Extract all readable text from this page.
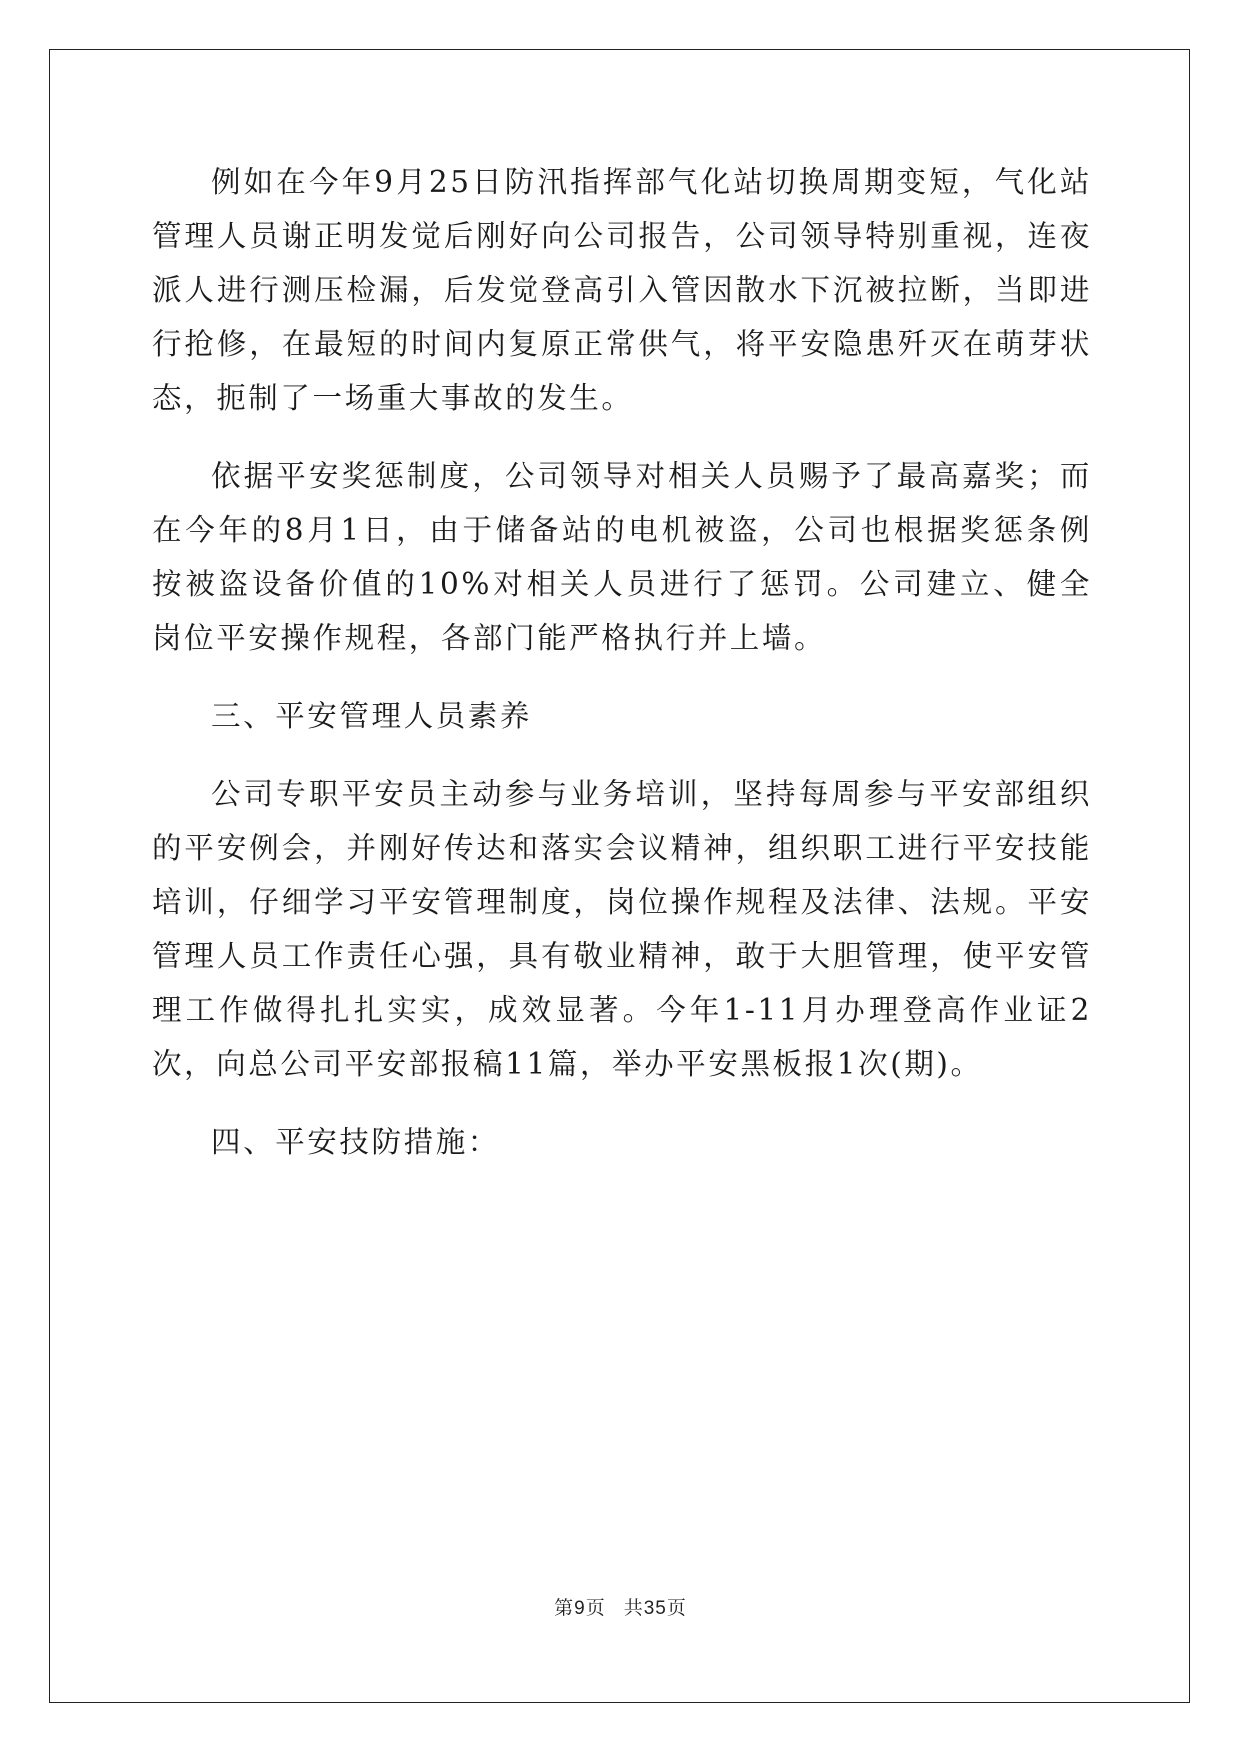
例如在今年9月25日防汛指挥部气化站切换周期变短，气化站管理人员谢正明发觉后刚好向公司报告，公司领导特别重视，连夜派人进行测压检漏，后发觉登高引入管因散水下沉被拉断，当即进行抢修，在最短的时间内复原正常供气，将平安隐患歼灭在萌芽状态，扼制了一场重大事故的发生。

依据平安奖惩制度，公司领导对相关人员赐予了最高嘉奖；而在今年的8月1日，由于储备站的电机被盗，公司也根据奖惩条例按被盗设备价值的10%对相关人员进行了惩罚。公司建立、健全岗位平安操作规程，各部门能严格执行并上墙。

三、平安管理人员素养

公司专职平安员主动参与业务培训，坚持每周参与平安部组织的平安例会，并刚好传达和落实会议精神，组织职工进行平安技能培训，仔细学习平安管理制度，岗位操作规程及法律、法规。平安管理人员工作责任心强，具有敬业精神，敢于大胆管理，使平安管理工作做得扎扎实实，成效显著。今年1-11月办理登高作业证2次，向总公司平安部报稿11篇，举办平安黑板报1次(期)。

四、平安技防措施：

第9页 共35页
